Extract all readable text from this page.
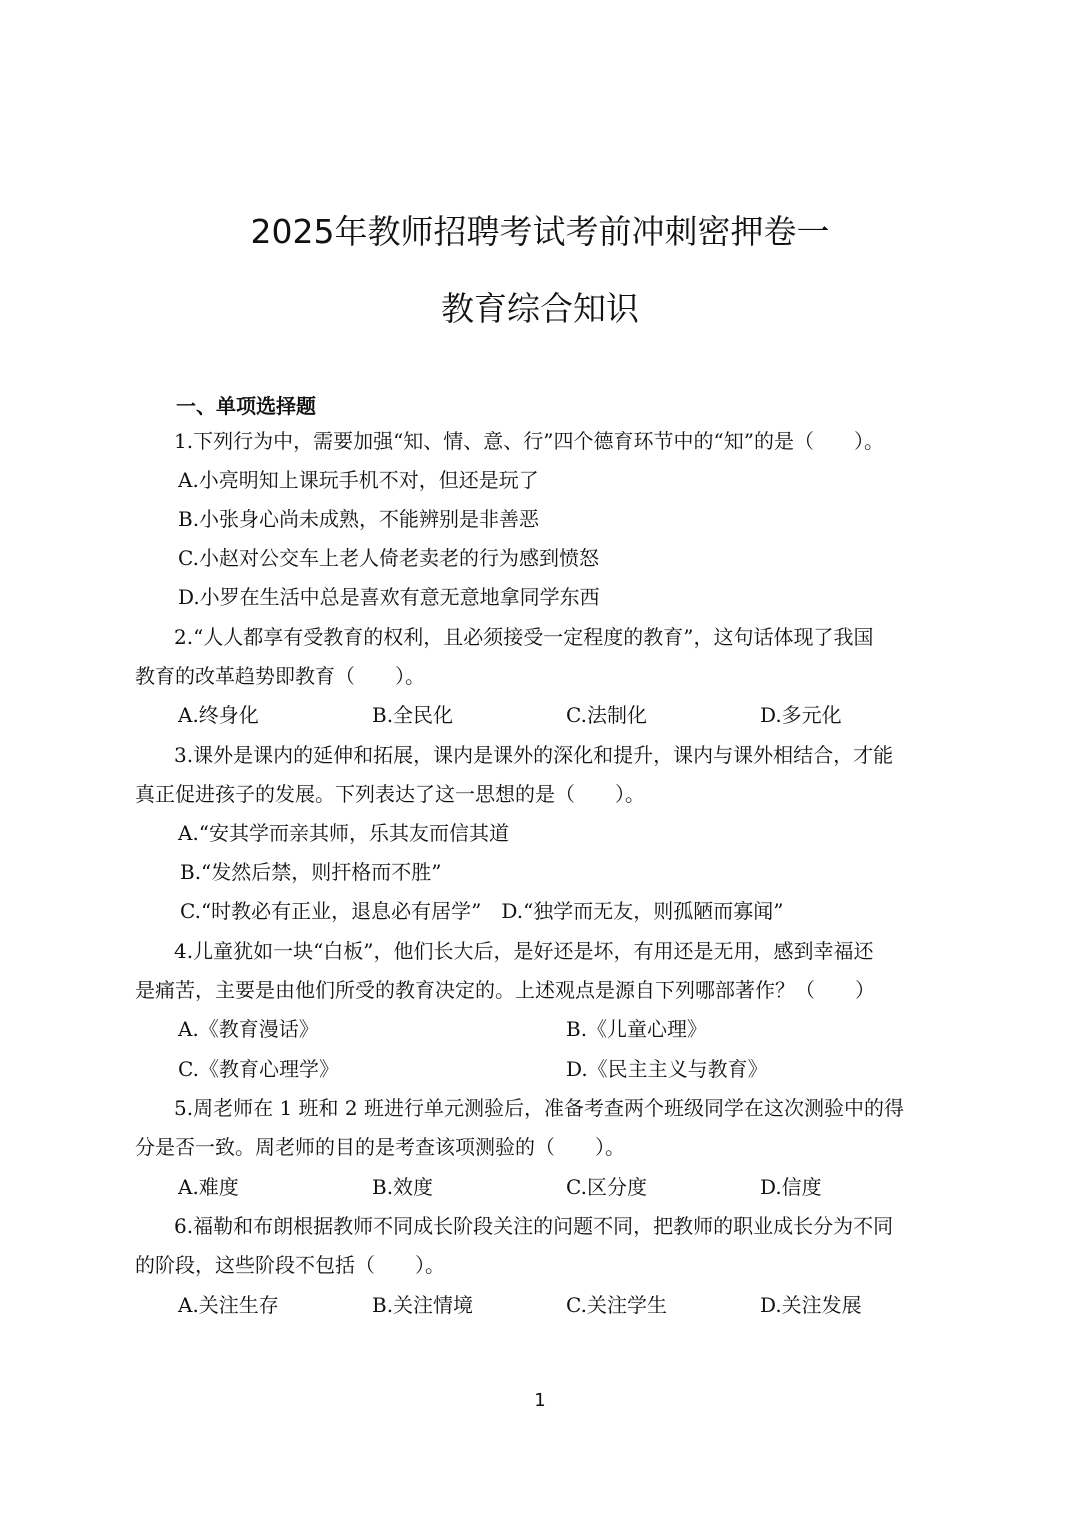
2025年教师招聘考试考前冲刺密押卷一
教育综合知识
一、单项选择题
1.下列行为中，需要加强“知、情、意、行”四个德育环节中的“知”的是（　　）。
A.小亮明知上课玩手机不对，但还是玩了
B.小张身心尚未成熟，不能辨别是非善恶
C.小赵对公交车上老人倚老卖老的行为感到愤怒
D.小罗在生活中总是喜欢有意无意地拿同学东西
2.“人人都享有受教育的权利，且必须接受一定程度的教育”，这句话体现了我国
教育的改革趋势即教育（　　）。
A.终身化	B.全民化	C.法制化	D.多元化
3.课外是课内的延伸和拓展，课内是课外的深化和提升，课内与课外相结合，才能
真正促进孩子的发展。下列表达了这一思想的是（　　）。
A.“安其学而亲其师，乐其友而信其道
B.“发然后禁，则扞格而不胜”
C.“时教必有正业，退息必有居学”　D.“独学而无友，则孤陋而寡闻”
4.儿童犹如一块“白板”，他们长大后，是好还是坏，有用还是无用，感到幸福还
是痛苦，主要是由他们所受的教育决定的。上述观点是源自下列哪部著作？（　　）
A.《教育漫话》	B.《儿童心理》
C.《教育心理学》	D.《民主主义与教育》
5.周老师在 1 班和 2 班进行单元测验后，准备考查两个班级同学在这次测验中的得
分是否一致。周老师的目的是考查该项测验的（　　）。
A.难度	B.效度	C.区分度	D.信度
6.福勒和布朗根据教师不同成长阶段关注的问题不同，把教师的职业成长分为不同
的阶段，这些阶段不包括（　　）。
A.关注生存	B.关注情境	C.关注学生	D.关注发展
1
